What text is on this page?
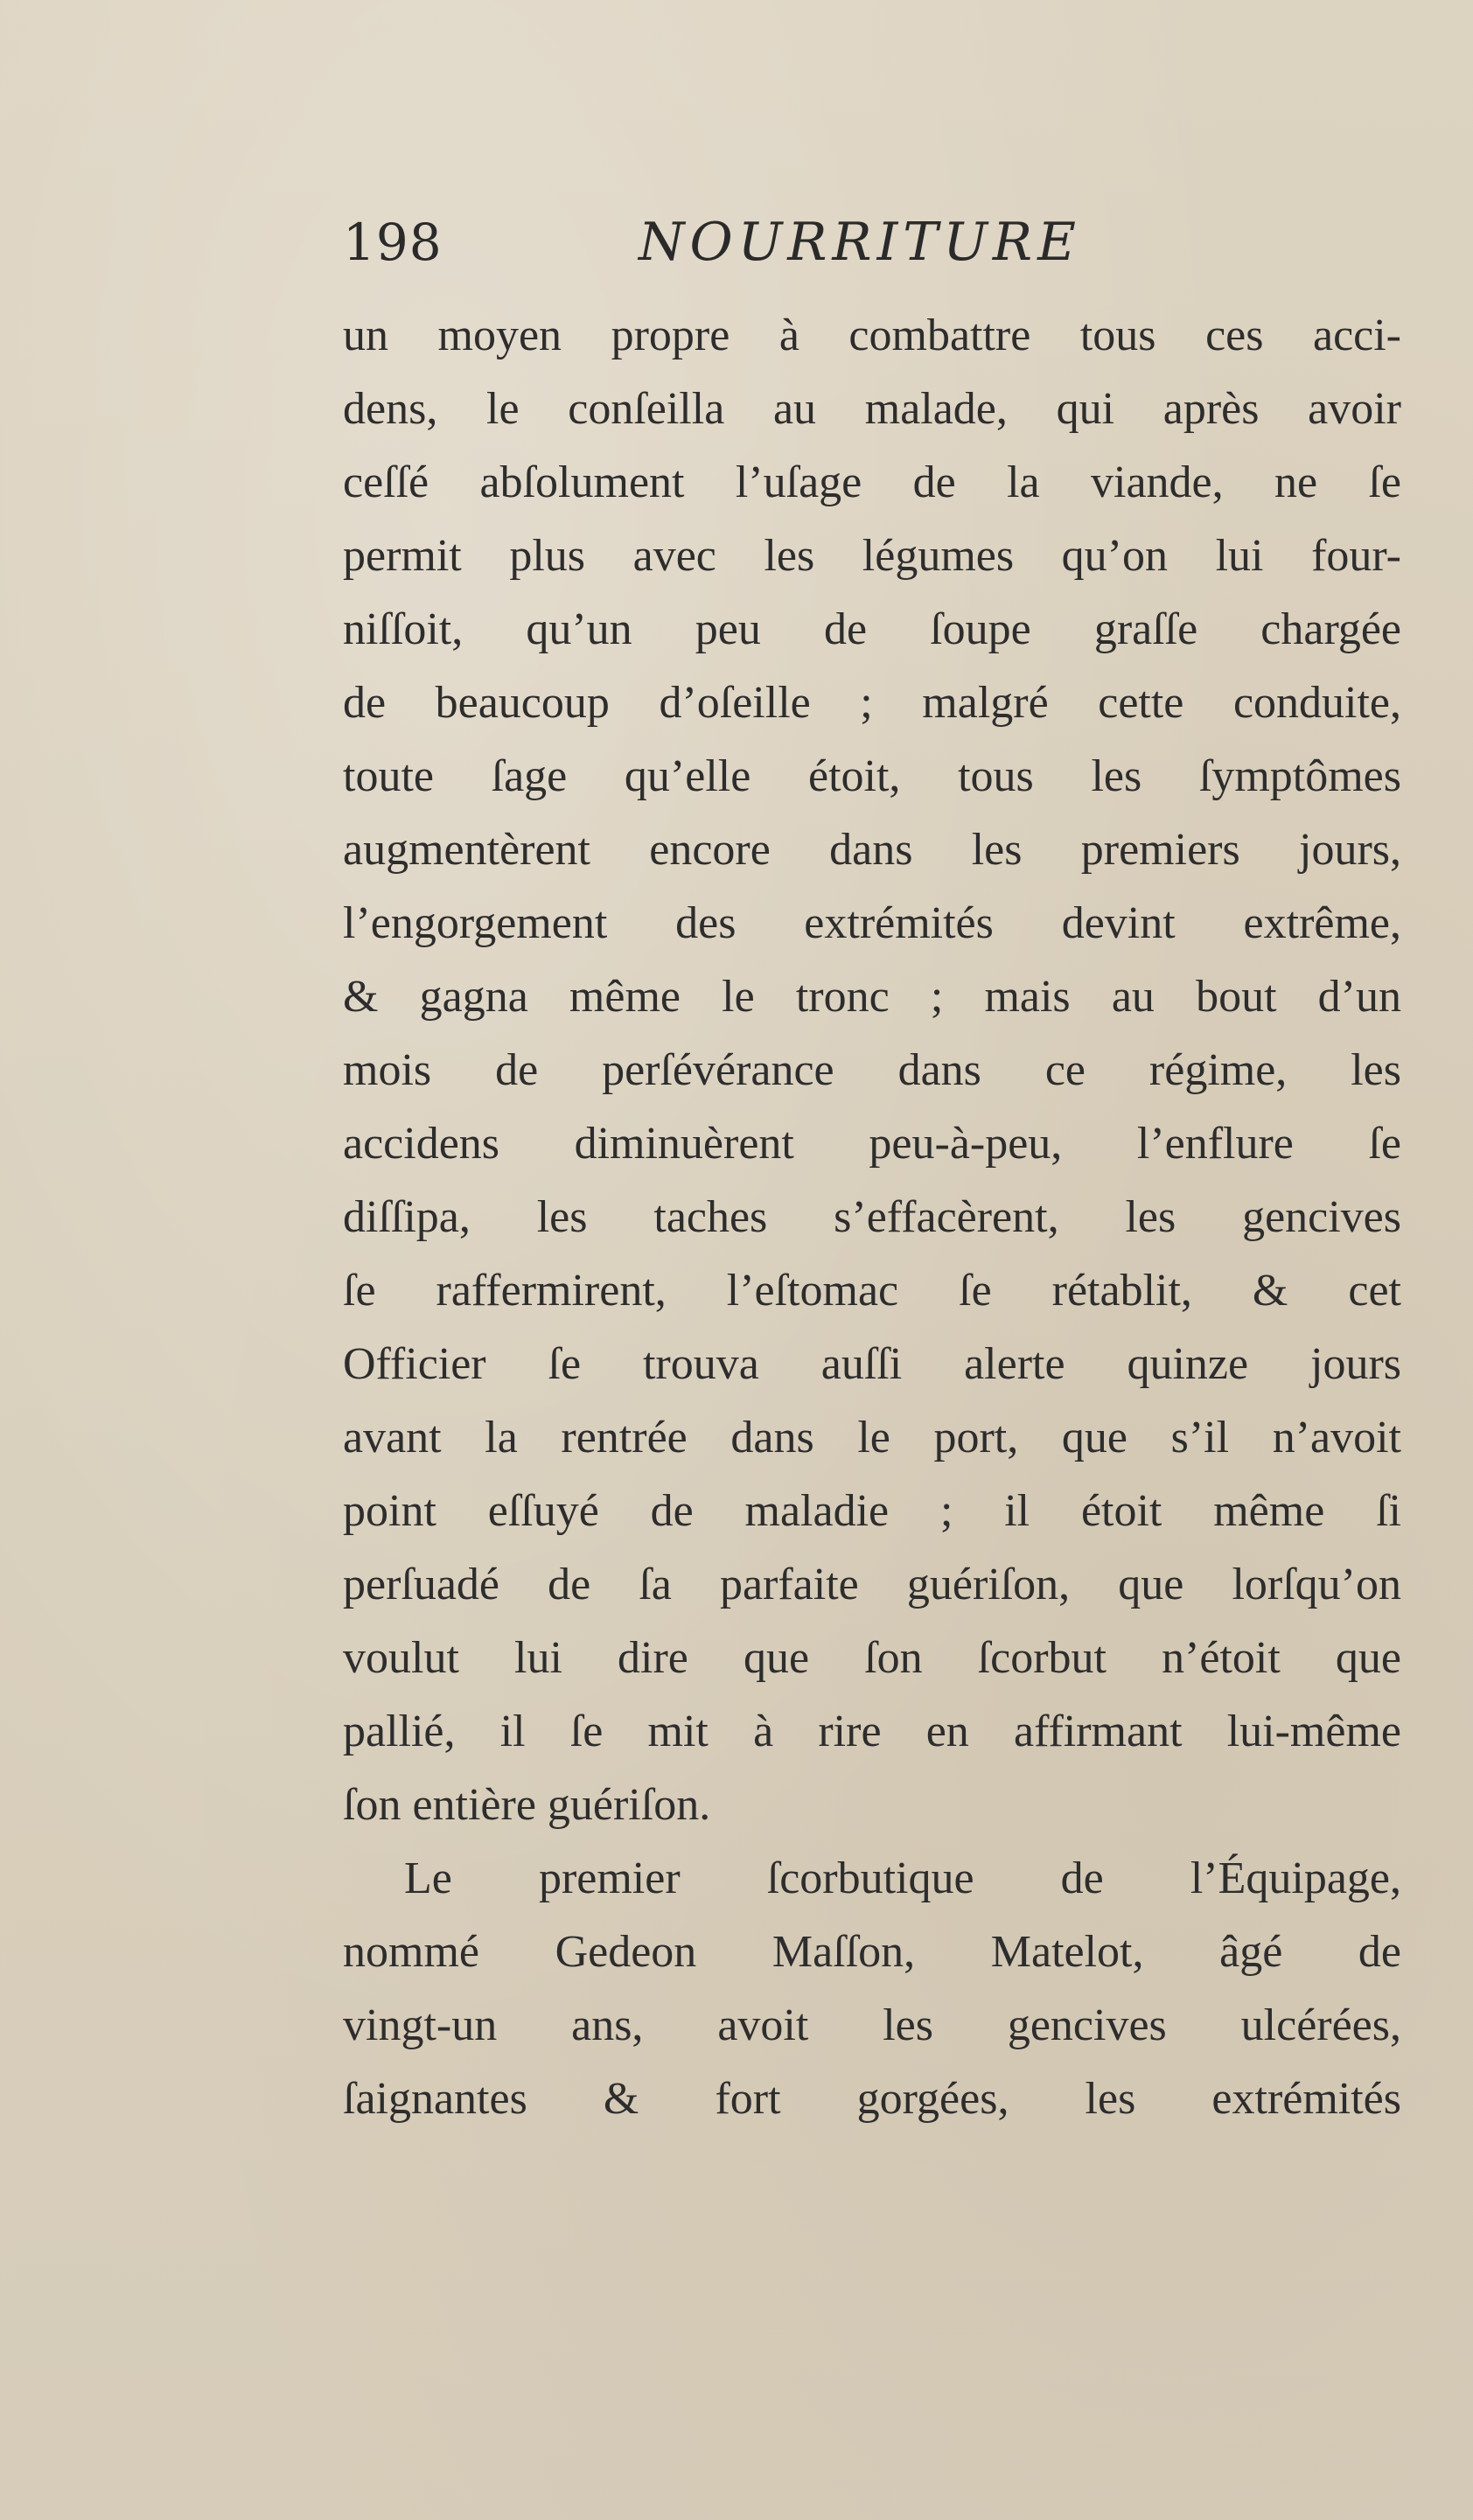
198	NOURRITURE
un moyen propre à combattre tous ces acci-
dens, le conſeilla au malade, qui après avoir
ceſſé abſolument l’uſage de la viande, ne ſe
permit plus avec les légumes qu’on lui four-
niſſoit, qu’un peu de ſoupe graſſe chargée
de beaucoup d’oſeille ; malgré cette conduite,
toute ſage qu’elle étoit, tous les ſymptômes
augmentèrent encore dans les premiers jours,
l’engorgement des extrémités devint extrême,
& gagna même le tronc ; mais au bout d’un
mois de perſévérance dans ce régime, les
accidens diminuèrent peu-à-peu, l’enflure ſe
diſſipa, les taches s’effacèrent, les gencives
ſe raffermirent, l’eſtomac ſe rétablit, & cet
Officier ſe trouva auſſi alerte quinze jours
avant la rentrée dans le port, que s’il n’avoit
point eſſuyé de maladie ; il étoit même ſi
perſuadé de ſa parfaite guériſon, que lorſqu’on
voulut lui dire que ſon ſcorbut n’étoit que
pallié, il ſe mit à rire en affirmant lui-même
ſon entière guériſon.
Le premier ſcorbutique de l’Équipage,
nommé Gedeon Maſſon, Matelot, âgé de
vingt-un ans, avoit les gencives ulcérées,
ſaignantes & fort gorgées, les extrémités
